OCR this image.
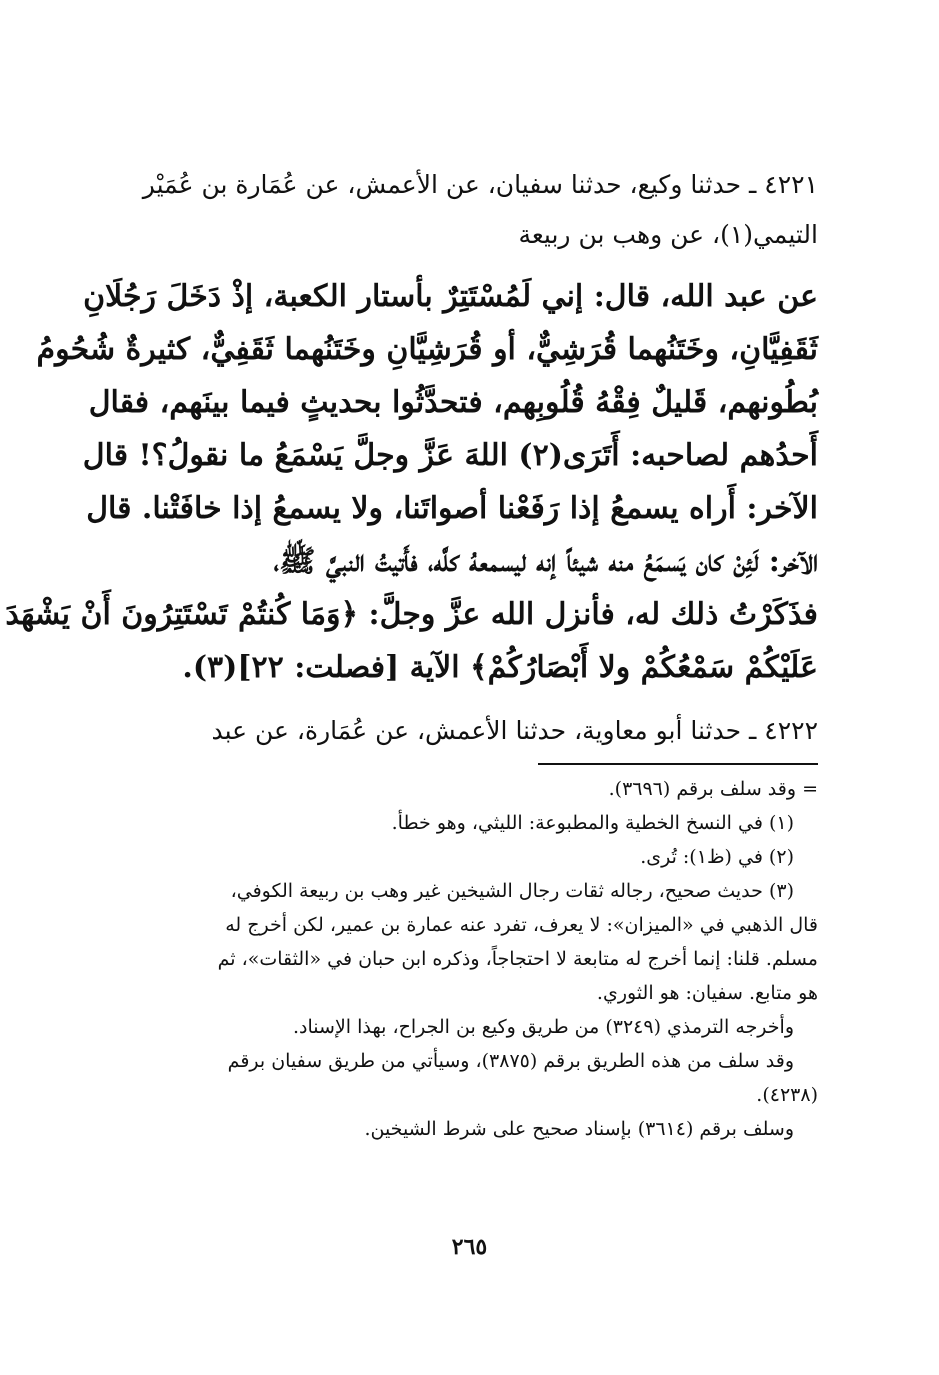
٤٢٢١ ـ حدثنا وكيع، حدثنا سفيان، عن الأعمش، عن عُمَارة بن عُمَيْر
التيمي(١)، عن وهب بن ربيعة
عن عبد الله، قال: إني لَمُسْتَتِرٌ بأستار الكعبة، إذْ دَخَلَ رَجُلَانِ
ثَقَفِيَّانِ، وخَتَنُهما قُرَشِيٌّ، أو قُرَشِيَّانِ وخَتَنُهما ثَقَفِيٌّ، كثيرةٌ شُحُومُ
بُطُونهم، قَليلٌ فِقْهُ قُلُوبِهم، فتحدَّثُوا بحديثٍ فيما بينَهم، فقال
أَحدُهم لصاحبه: أَتَرَى(٢) اللهَ عَزَّ وجلَّ يَسْمَعُ ما نقولُ؟! قال
الآخر: أَراه يسمعُ إذا رَفَعْنا أصواتَنا، ولا يسمعُ إذا خافَتْنا. قال
الآخر: لَئِنْ كان يَسمَعُ منه شيئاً إنه ليسمعهُ كلَّه، فأَتيتُ النبيَّ ﷺ،
فذَكَرْتُ ذلك له، فأنزل الله عزَّ وجلَّ: ﴿وَمَا كُنتُمْ تَسْتَتِرُونَ أَنْ يَشْهَدَ
عَلَيْكُمْ سَمْعُكُمْ ولا أَبْصَارُكُمْ﴾ الآية [فصلت: ٢٢](٣).
٤٢٢٢ ـ حدثنا أبو معاوية، حدثنا الأعمش، عن عُمَارة، عن عبد
= وقد سلف برقم (٣٦٩٦).
(١) في النسخ الخطية والمطبوعة: الليثي، وهو خطأ.
(٢) في (ظ١): تُرى.
(٣) حديث صحيح، رجاله ثقات رجال الشيخين غير وهب بن ربيعة الكوفي،
قال الذهبي في «الميزان»: لا يعرف، تفرد عنه عمارة بن عمير، لكن أخرج له
مسلم. قلنا: إنما أخرج له متابعة لا احتجاجاً، وذكره ابن حبان في «الثقات»، ثم
هو متابع. سفيان: هو الثوري.
وأخرجه الترمذي (٣٢٤٩) من طريق وكيع بن الجراح، بهذا الإسناد.
وقد سلف من هذه الطريق برقم (٣٨٧٥)، وسيأتي من طريق سفيان برقم
(٤٢٣٨).
وسلف برقم (٣٦١٤) بإسناد صحيح على شرط الشيخين.
٢٦٥
